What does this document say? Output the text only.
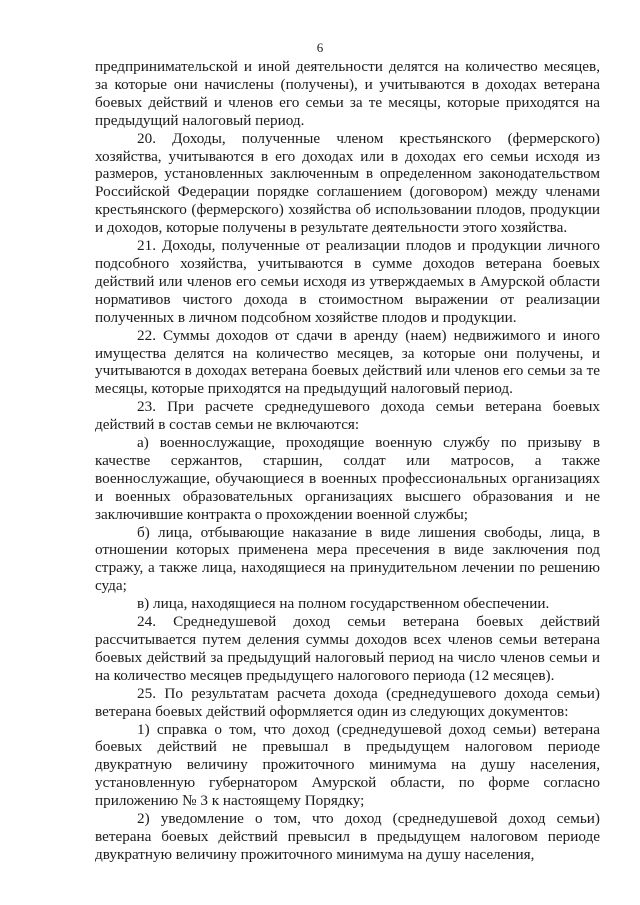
6

предпринимательской и иной деятельности делятся на количество месяцев, за которые они начислены (получены), и учитываются в доходах ветерана боевых действий и членов его семьи за те месяцы, которые приходятся на предыдущий налоговый период.

20. Доходы, полученные членом крестьянского (фермерского) хозяйства, учитываются в его доходах или в доходах его семьи исходя из размеров, установленных заключенным в определенном законодательством Российской Федерации порядке соглашением (договором) между членами крестьянского (фермерского) хозяйства об использовании плодов, продукции и доходов, которые получены в результате деятельности этого хозяйства.

21. Доходы, полученные от реализации плодов и продукции личного подсобного хозяйства, учитываются в сумме доходов ветерана боевых действий или членов его семьи исходя из утверждаемых в Амурской области нормативов чистого дохода в стоимостном выражении от реализации полученных в личном подсобном хозяйстве плодов и продукции.

22. Суммы доходов от сдачи в аренду (наем) недвижимого и иного имущества делятся на количество месяцев, за которые они получены, и учитываются в доходах ветерана боевых действий или членов его семьи за те месяцы, которые приходятся на предыдущий налоговый период.

23. При расчете среднедушевого дохода семьи ветерана боевых действий в состав семьи не включаются:

а) военнослужащие, проходящие военную службу по призыву в качестве сержантов, старшин, солдат или матросов, а также военнослужащие, обучающиеся в военных профессиональных организациях и военных образовательных организациях высшего образования и не заключившие контракта о прохождении военной службы;

б) лица, отбывающие наказание в виде лишения свободы, лица, в отношении которых применена мера пресечения в виде заключения под стражу, а также лица, находящиеся на принудительном лечении по решению суда;

в) лица, находящиеся на полном государственном обеспечении.

24. Среднедушевой доход семьи ветерана боевых действий рассчитывается путем деления суммы доходов всех членов семьи ветерана боевых действий за предыдущий налоговый период на число членов семьи и на количество месяцев предыдущего налогового периода (12 месяцев).

25. По результатам расчета дохода (среднедушевого дохода семьи) ветерана боевых действий оформляется один из следующих документов:

1) справка о том, что доход (среднедушевой доход семьи) ветерана боевых действий не превышал в предыдущем налоговом периоде двукратную величину прожиточного минимума на душу населения, установленную губернатором Амурской области, по форме согласно приложению № 3 к настоящему Порядку;

2) уведомление о том, что доход (среднедушевой доход семьи) ветерана боевых действий превысил в предыдущем налоговом периоде двукратную величину прожиточного минимума на душу населения,
